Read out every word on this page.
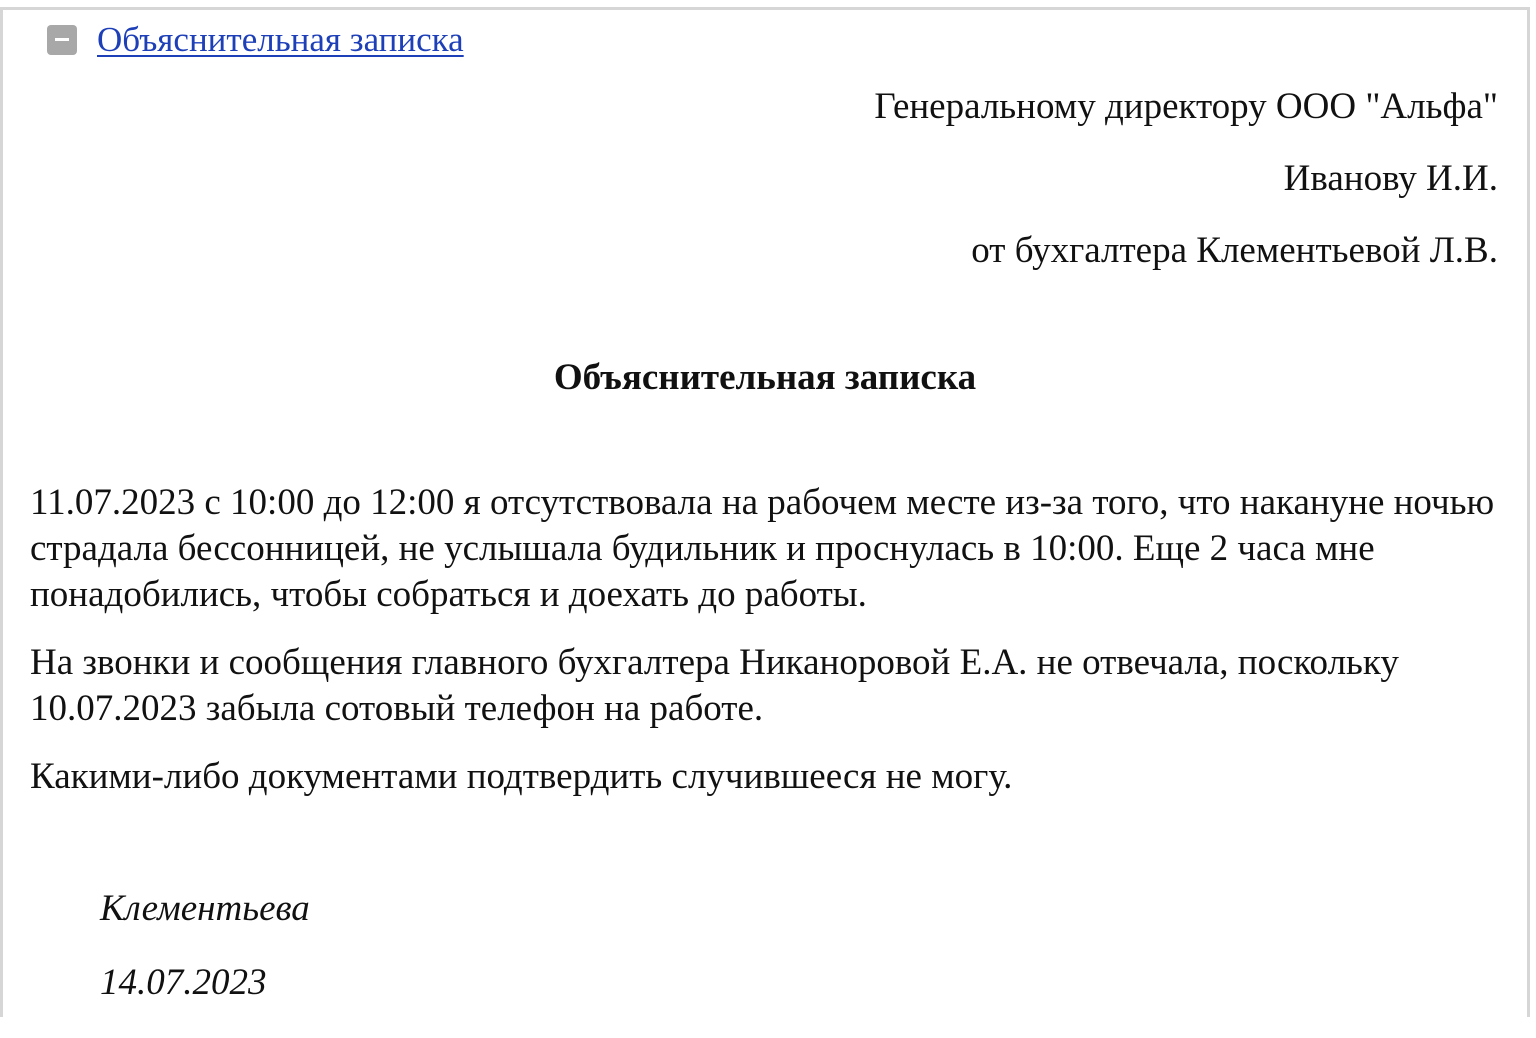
Объяснительная записка
Генеральному директору ООО "Альфа"
Иванову И.И.
от бухгалтера Клементьевой Л.В.
Объяснительная записка

11.07.2023 с 10:00 до 12:00 я отсутствовала на рабочем месте из-за того, что накануне ночью страдала бессонницей, не услышала будильник и проснулась в 10:00. Еще 2 часа мне понадобились, чтобы собраться и доехать до работы.

На звонки и сообщения главного бухгалтера Никаноровой Е.А. не отвечала, поскольку 10.07.2023 забыла сотовый телефон на работе.

Какими-либо документами подтвердить случившееся не могу.

Клементьева
14.07.2023
